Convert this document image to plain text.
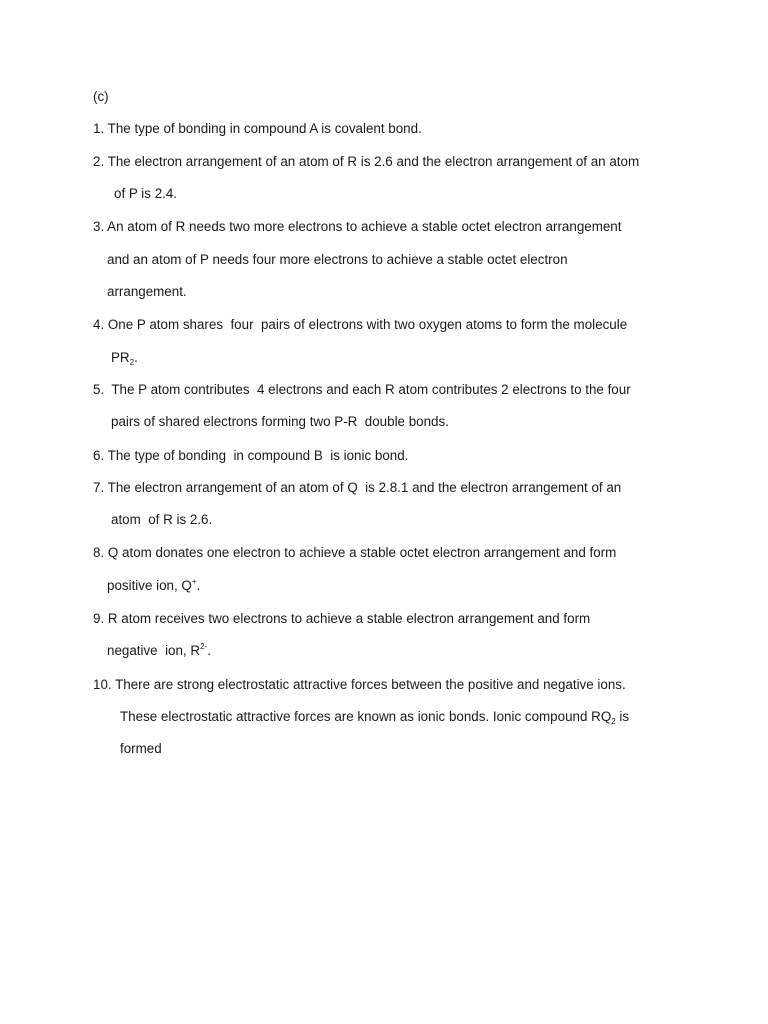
(c)
1. The type of bonding in compound A is covalent bond.
2. The electron arrangement of an atom of R is 2.6 and the electron arrangement of an atom
of P is 2.4.
3. An atom of R needs two more electrons to achieve a stable octet electron arrangement
and an atom of P needs four more electrons to achieve a stable octet electron
arrangement.
4. One P atom shares  four  pairs of electrons with two oxygen atoms to form the molecule
$PR_2$.
5.  The P atom contributes  4 electrons and each R atom contributes 2 electrons to the four
pairs of shared electrons forming two P-R  double bonds.
6. The type of bonding  in compound B  is ionic bond.
7. The electron arrangement of an atom of Q  is 2.8.1 and the electron arrangement of an
atom  of R is 2.6.
8. Q atom donates one electron to achieve a stable octet electron arrangement and form
positive ion, Q+.
9. R atom receives two electrons to achieve a stable electron arrangement and form
negative  ion, $R^{2-}$.
10. There are strong electrostatic attractive forces between the positive and negative ions.
These electrostatic attractive forces are known as ionic bonds. Ionic compound $RQ_2$ is
formed
